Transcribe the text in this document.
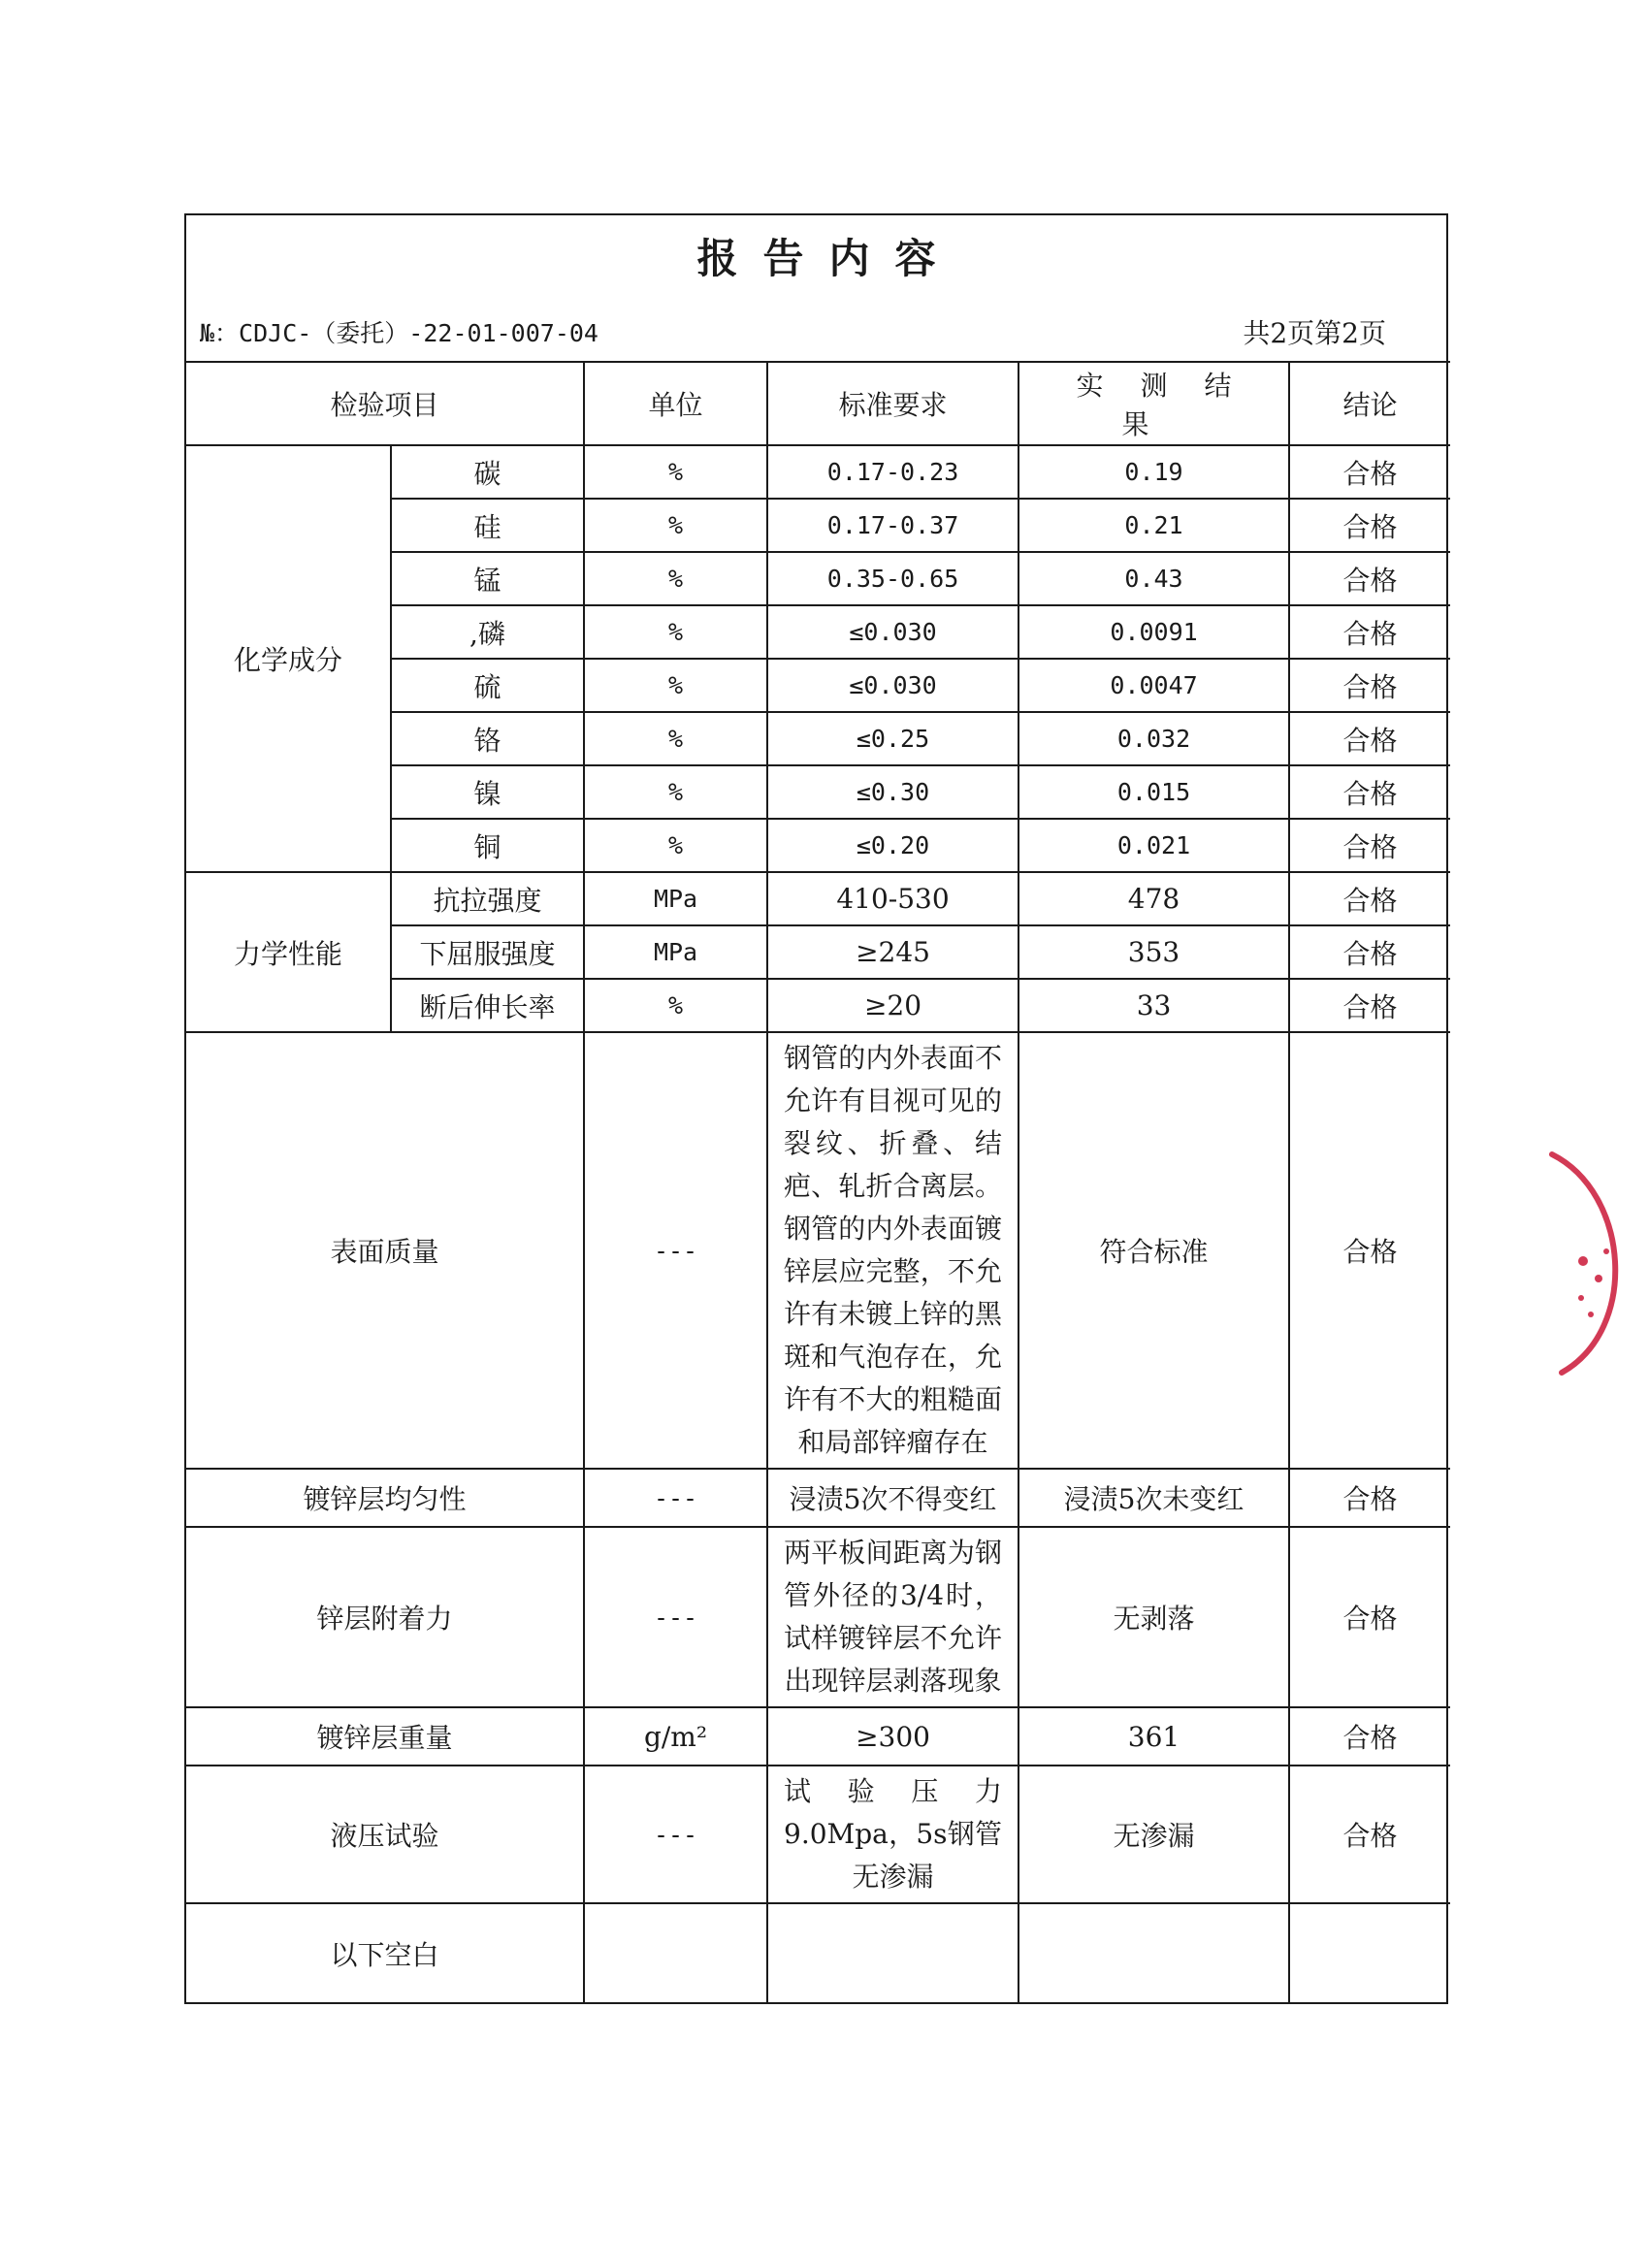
报告内容
№：CDJC-（委托）-22-01-007-04	共2页第2页
检验项目		单位	标准要求	实测结果	结论
化学成分	碳	%	0.17-0.23	0.19	合格
	硅	%	0.17-0.37	0.21	合格
	锰	%	0.35-0.65	0.43	合格
	,磷	%	≤0.030	0.0091	合格
	硫	%	≤0.030	0.0047	合格
	铬	%	≤0.25	0.032	合格
	镍	%	≤0.30	0.015	合格
	铜	%	≤0.20	0.021	合格
力学性能	抗拉强度	MPa	410-530	478	合格
	下屈服强度	MPa	≥245	353	合格
	断后伸长率	%	≥20	33	合格
表面质量		---	钢管的内外表面不允许有目视可见的裂纹、折叠、结疤、轧折合离层。钢管的内外表面镀锌层应完整，不允许有未镀上锌的黑斑和气泡存在，允许有不大的粗糙面和局部锌瘤存在	符合标准	合格
镀锌层均匀性		---	浸渍5次不得变红	浸渍5次未变红	合格
锌层附着力		---	两平板间距离为钢管外径的3/4时，试样镀锌层不允许出现锌层剥落现象	无剥落	合格
镀锌层重量		g/m²	≥300	361	合格
液压试验		---	试验压力9.0Mpa，5s钢管无渗漏	无渗漏	合格
以下空白					
